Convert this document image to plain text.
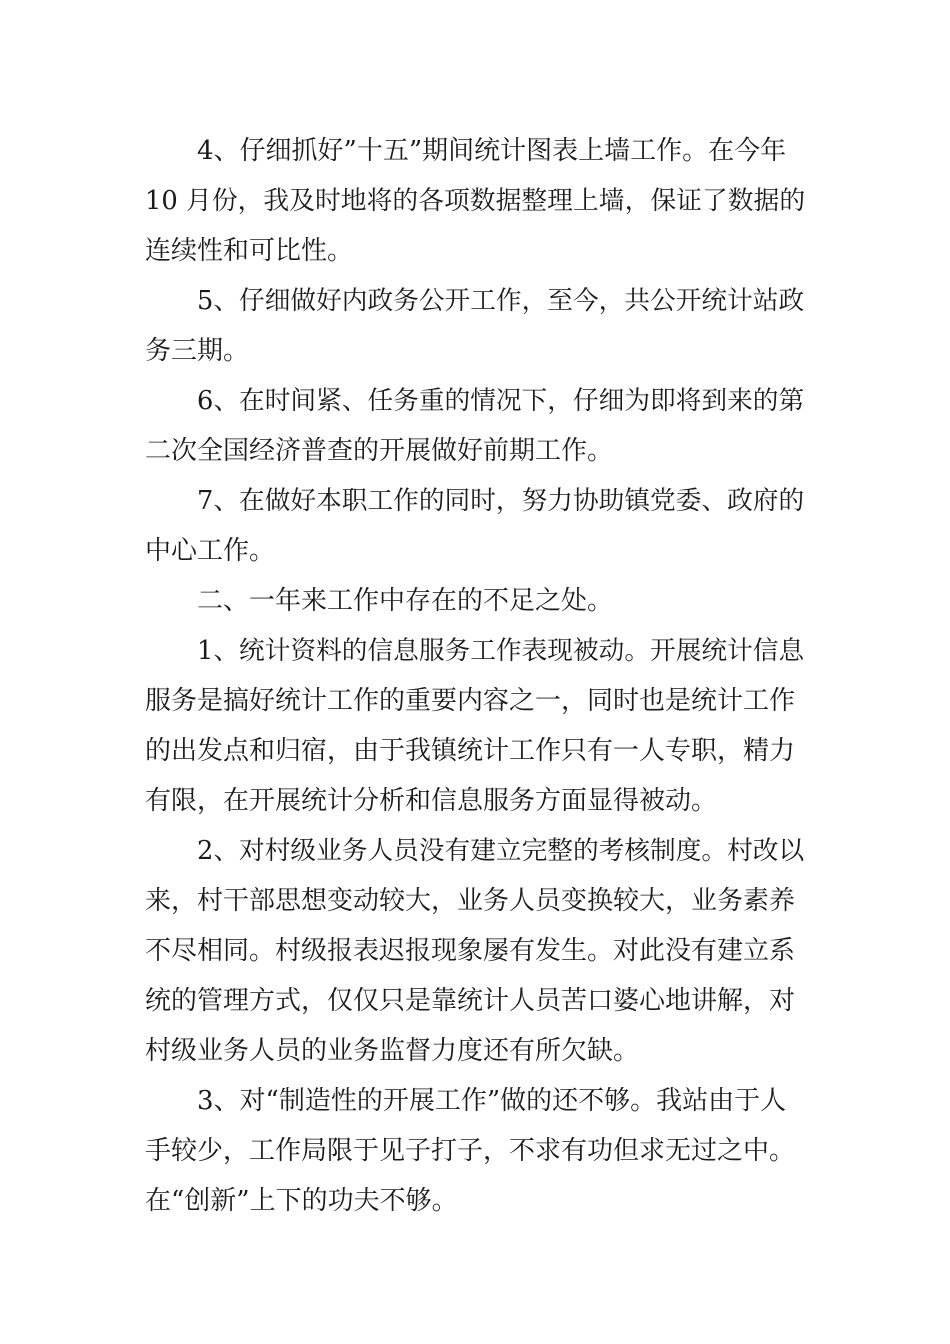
4、仔细抓好”十五”期间统计图表上墙工作。在今年
10 月份，我及时地将的各项数据整理上墙，保证了数据的
连续性和可比性。
5、仔细做好内政务公开工作，至今，共公开统计站政
务三期。
6、在时间紧、任务重的情况下，仔细为即将到来的第
二次全国经济普查的开展做好前期工作。
7、在做好本职工作的同时，努力协助镇党委、政府的
中心工作。
二、一年来工作中存在的不足之处。
1、统计资料的信息服务工作表现被动。开展统计信息
服务是搞好统计工作的重要内容之一，同时也是统计工作
的出发点和归宿，由于我镇统计工作只有一人专职，精力
有限，在开展统计分析和信息服务方面显得被动。
2、对村级业务人员没有建立完整的考核制度。村改以
来，村干部思想变动较大，业务人员变换较大，业务素养
不尽相同。村级报表迟报现象屡有发生。对此没有建立系
统的管理方式，仅仅只是靠统计人员苦口婆心地讲解，对
村级业务人员的业务监督力度还有所欠缺。
3、对“制造性的开展工作”做的还不够。我站由于人
手较少，工作局限于见子打子，不求有功但求无过之中。
在“创新”上下的功夫不够。
